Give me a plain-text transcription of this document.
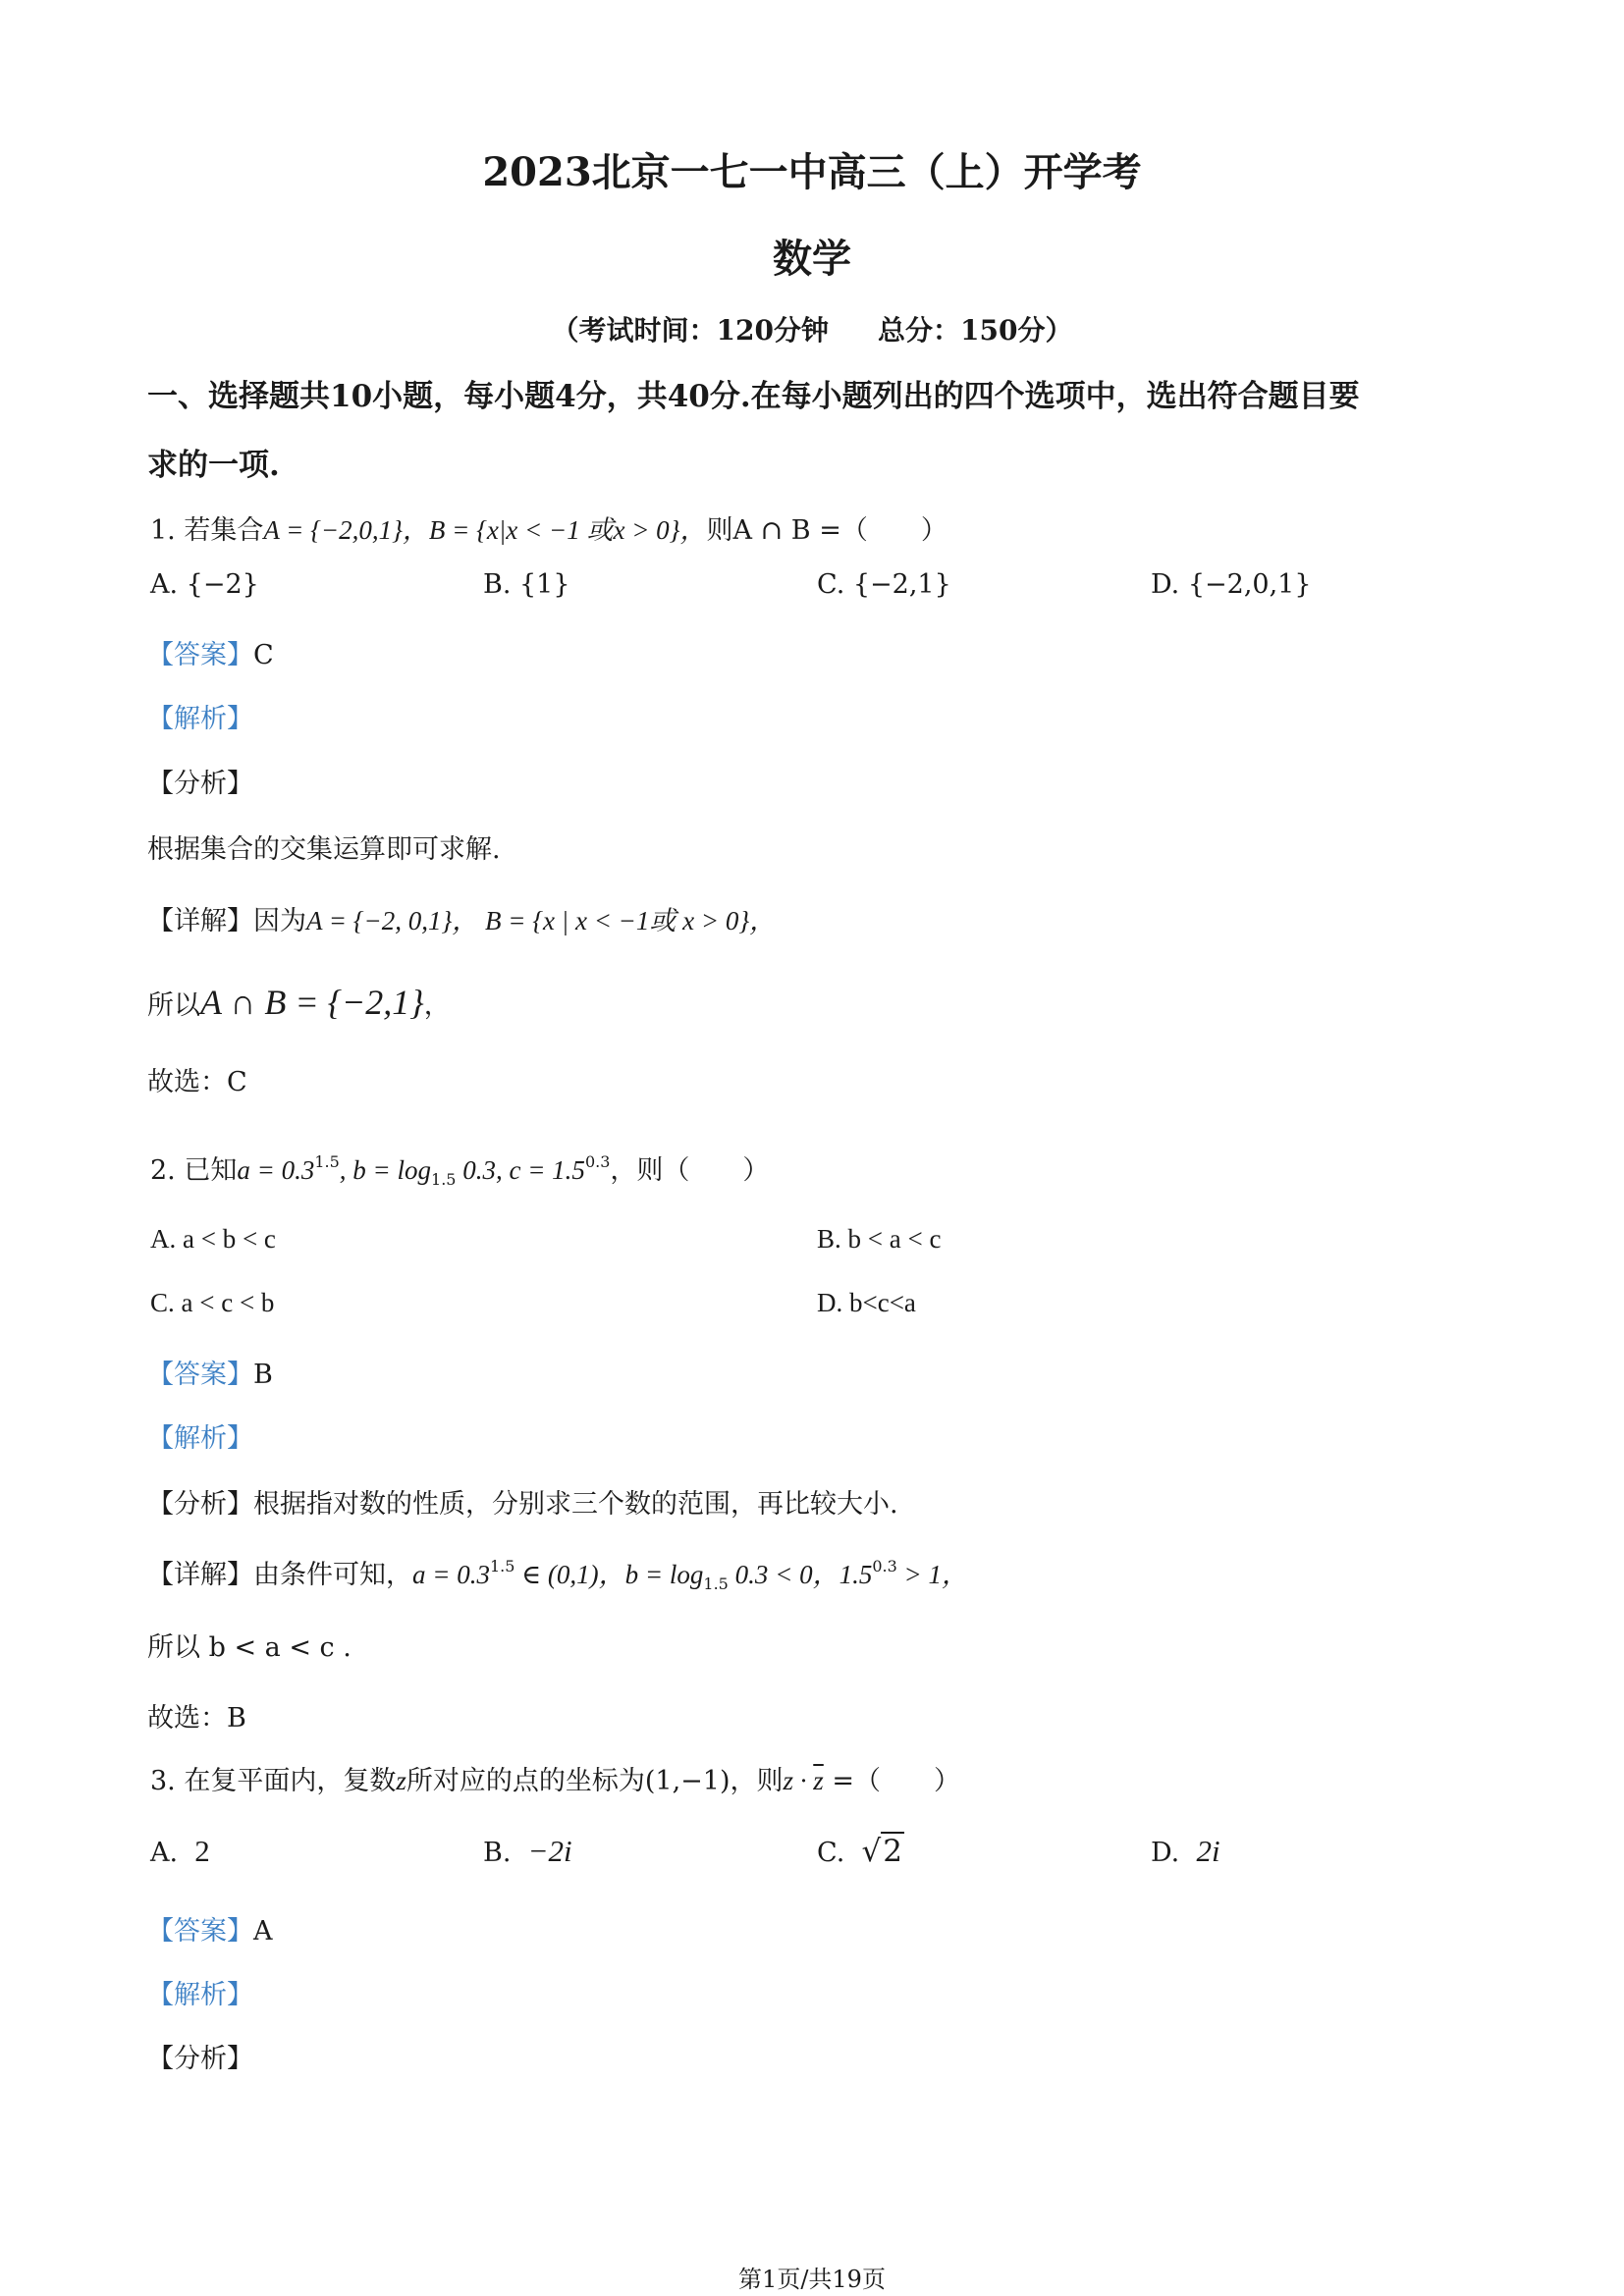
2023北京一七一中高三（上）开学考
数学
（考试时间：120分钟 总分：150分）
一、选择题共10小题，每小题4分，共40分.在每小题列出的四个选项中，选出符合题目要
求的一项.
1. 若集合A = {−2,0,1}，B = {x|x < −1 或x > 0}，则A ∩ B =（　　）
A. {−2}	B. {1}	C. {−2,1}	D. {−2,0,1}
【答案】C
【解析】
【分析】
根据集合的交集运算即可求解.
【详解】因为A = {−2, 0,1}， B = {x | x < −1或 x > 0}，
所以A ∩ B = {−2,1}，
故选：C
2. 已知$a = 0.3^{1.5}$, $b = \log_{1.5} 0.3$, $c = 1.5^{0.3}$，则（　　）
A. a < b < c	B. b < a < c
C. a < c < b	D. b<c<a
【答案】B
【解析】
【分析】根据指对数的性质，分别求三个数的范围，再比较大小.
【详解】由条件可知，$a = 0.3^{1.5}$ ∈ (0,1)，$b = \log_{1.5} 0.3 < 0$，$1.5^{0.3} > 1$，
所以 b < a < c .
故选：B
3. 在复平面内，复数z所对应的点的坐标为(1,−1)，则$z \cdot \overline{z}$ =（　　）
A. 2	B. −2i	C. √2	D. 2i
【答案】A
【解析】
【分析】
第1页/共19页
